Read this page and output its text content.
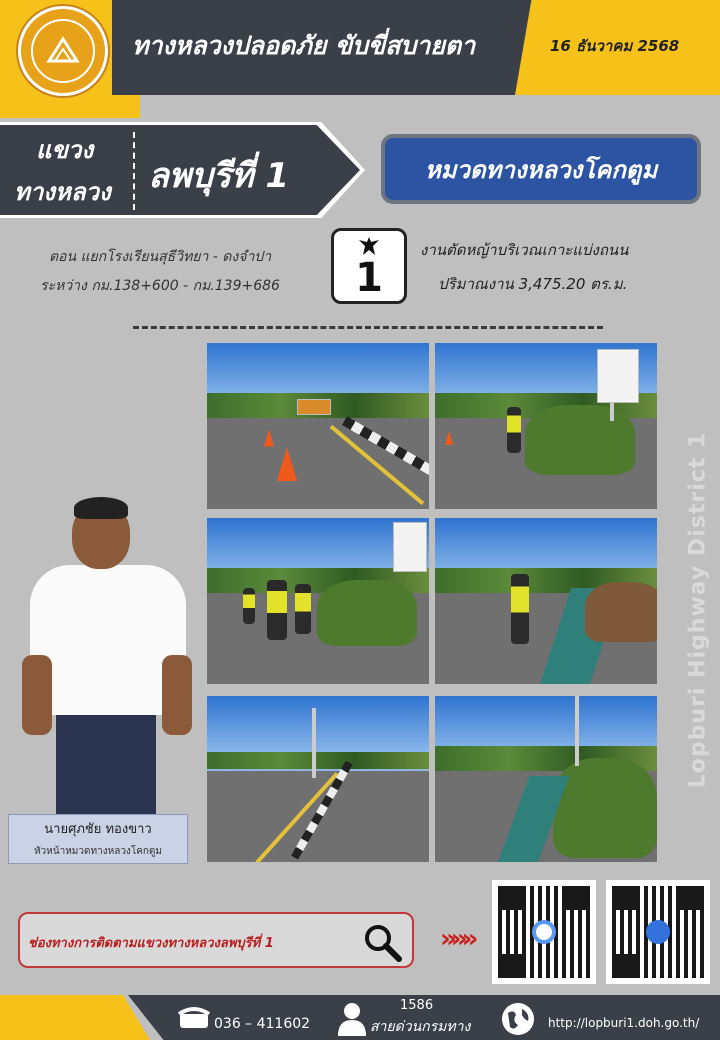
ทางหลวงปลอดภัย ขับขี่สบายตา	16 ธันวาคม 2568
แขวง
ทางหลวง ลพบุรีที่ 1	หมวดทางหลวงโคกตูม
ตอน แยกโรงเรียนสุธีวิทยา - ดงจำปา
ระหว่าง กม.138+600 - กม.139+686	1
งานตัดหญ้าบริเวณเกาะแบ่งถนน
ปริมาณงาน 3,475.20 ตร.ม.
Lopburi Highway District 1
นายศุภชัย ทองขาว
หัวหน้าหมวดทางหลวงโคกตูม
ช่องทางการติดตามแขวงทางหลวงลพบุรีที่ 1	»»»
036 – 411602
1586
สายด่วนกรมทาง	http://lopburi1.doh.go.th/
